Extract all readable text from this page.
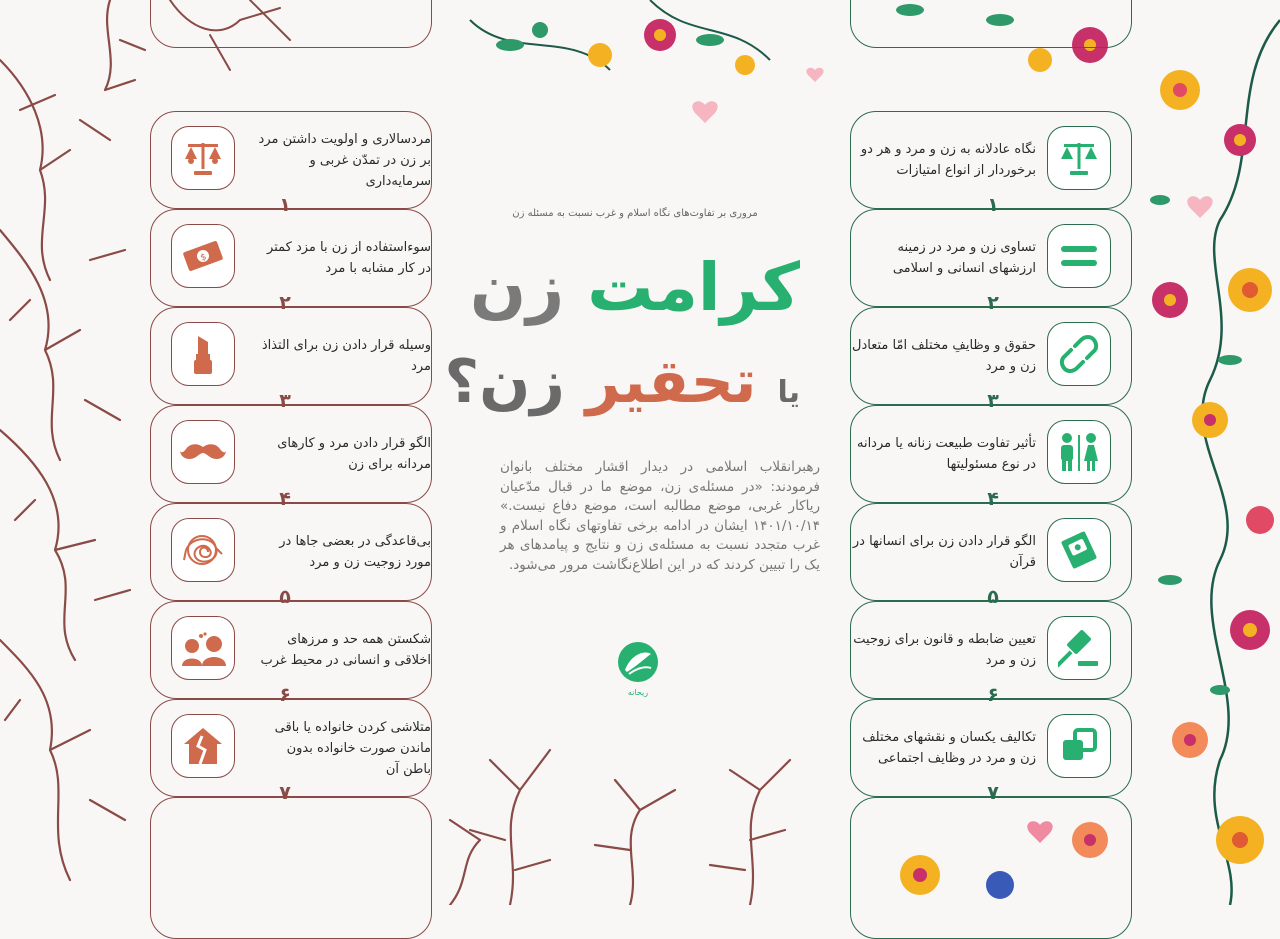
مردسالاری و اولویت داشتن مرد بر زن در تمدّن غربی و سرمایه‌داری
۱
$
سوءاستفاده از زن با مزد کمتر در کار مشابه با مرد
۲
وسیله قرار دادن زن برای التذاذ مرد
۳
الگو قرار دادن مرد و کارهای مردانه برای زن
۴
بی‌قاعدگی در بعضی جاها در مورد زوجیت زن و مرد
۵
شکستن همه حد و مرزهای اخلاقی و انسانی در محیط غرب
۶
متلاشی کردن خانواده یا باقی ماندن صورت خانواده بدون باطن آن
۷
مروری بر تفاوت‌های نگاه اسلام و غرب نسبت به مسئله زن
کرامت زن
یا تحقیر زن؟
رهبرانقلاب اسلامی در دیدار اقشار مختلف بانوان فرمودند: «در مسئله‌ی زن، موضع ما در قبال مدّعیان ریاکار غربی، موضع مطالبه است، موضع دفاع نیست.» ۱۴۰۱/۱۰/۱۴ ایشان در ادامه برخی تفاوتهای نگاه اسلام و غرب متجدد نسبت به مسئله‌ی زن و نتایج و پیامدهای هر یک را تبیین کردند که در این اطلاع‌نگاشت مرور می‌شود.
ریحانه
نگاه عادلانه به زن و مرد و هر دو برخوردار از انواع امتیازات
۱
تساوی زن و مرد در زمینه ارزشهای انسانی و اسلامی
۲
حقوق و وظایفِ مختلف امّا متعادل زن و مرد
۳
تأثیر تفاوت طبیعت زنانه یا مردانه در نوع مسئولیتها
۴
الگو قرار دادن زن برای انسانها در قرآن
۵
تعیین ضابطه و قانون برای زوجیت زن و مرد
۶
تکالیف یکسان و نقشهای مختلف زن و مرد در وظایف اجتماعی
۷
